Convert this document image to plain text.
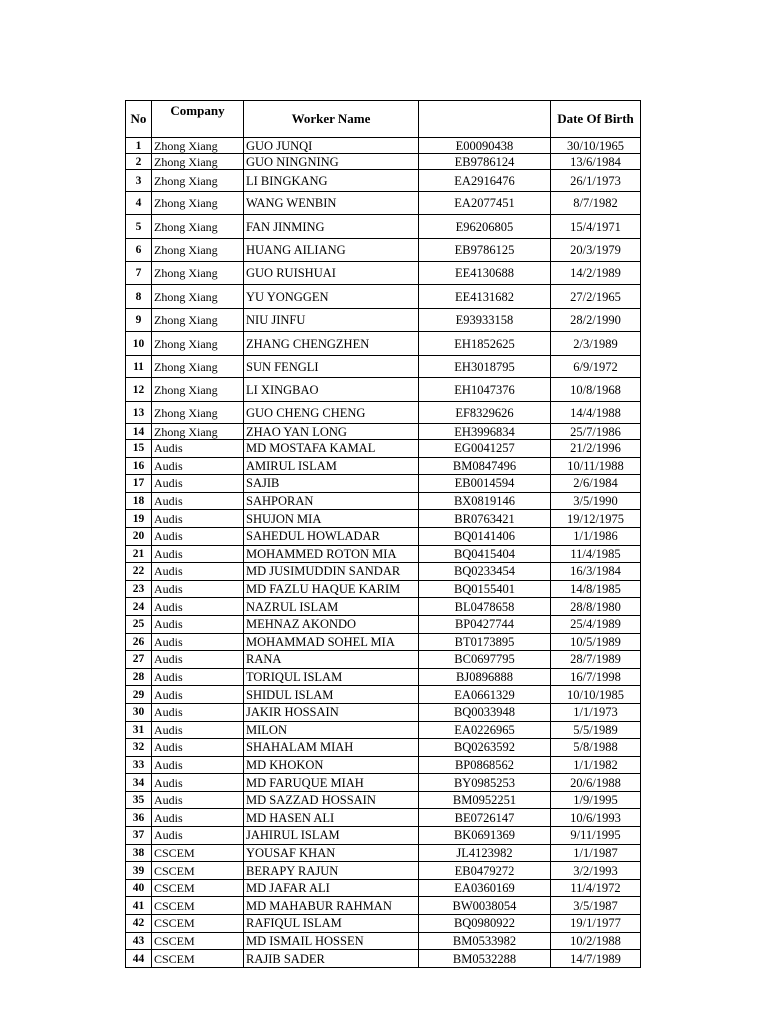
No	Company	Worker Name		Date Of Birth
1	Zhong Xiang	GUO JUNQI	E00090438	30/10/1965
2	Zhong Xiang	GUO NINGNING	EB9786124	13/6/1984
3	Zhong Xiang	LI BINGKANG	EA2916476	26/1/1973
4	Zhong Xiang	WANG WENBIN	EA2077451	8/7/1982
5	Zhong Xiang	FAN JINMING	E96206805	15/4/1971
6	Zhong Xiang	HUANG AILIANG	EB9786125	20/3/1979
7	Zhong Xiang	GUO RUISHUAI	EE4130688	14/2/1989
8	Zhong Xiang	YU YONGGEN	EE4131682	27/2/1965
9	Zhong Xiang	NIU JINFU	E93933158	28/2/1990
10	Zhong Xiang	ZHANG CHENGZHEN	EH1852625	2/3/1989
11	Zhong Xiang	SUN FENGLI	EH3018795	6/9/1972
12	Zhong Xiang	LI XINGBAO	EH1047376	10/8/1968
13	Zhong Xiang	GUO CHENG CHENG	EF8329626	14/4/1988
14	Zhong Xiang	ZHAO YAN LONG	EH3996834	25/7/1986
15	Audis	MD MOSTAFA KAMAL	EG0041257	21/2/1996
16	Audis	AMIRUL ISLAM	BM0847496	10/11/1988
17	Audis	SAJIB	EB0014594	2/6/1984
18	Audis	SAHPORAN	BX0819146	3/5/1990
19	Audis	SHUJON MIA	BR0763421	19/12/1975
20	Audis	SAHEDUL HOWLADAR	BQ0141406	1/1/1986
21	Audis	MOHAMMED ROTON MIA	BQ0415404	11/4/1985
22	Audis	MD JUSIMUDDIN SANDAR	BQ0233454	16/3/1984
23	Audis	MD FAZLU HAQUE KARIM	BQ0155401	14/8/1985
24	Audis	NAZRUL ISLAM	BL0478658	28/8/1980
25	Audis	MEHNAZ AKONDO	BP0427744	25/4/1989
26	Audis	MOHAMMAD SOHEL MIA	BT0173895	10/5/1989
27	Audis	RANA	BC0697795	28/7/1989
28	Audis	TORIQUL ISLAM	BJ0896888	16/7/1998
29	Audis	SHIDUL ISLAM	EA0661329	10/10/1985
30	Audis	JAKIR HOSSAIN	BQ0033948	1/1/1973
31	Audis	MILON	EA0226965	5/5/1989
32	Audis	SHAHALAM MIAH	BQ0263592	5/8/1988
33	Audis	MD KHOKON	BP0868562	1/1/1982
34	Audis	MD FARUQUE MIAH	BY0985253	20/6/1988
35	Audis	MD SAZZAD HOSSAIN	BM0952251	1/9/1995
36	Audis	MD HASEN ALI	BE0726147	10/6/1993
37	Audis	JAHIRUL ISLAM	BK0691369	9/11/1995
38	CSCEM	YOUSAF KHAN	JL4123982	1/1/1987
39	CSCEM	BERAPY RAJUN	EB0479272	3/2/1993
40	CSCEM	MD JAFAR ALI	EA0360169	11/4/1972
41	CSCEM	MD MAHABUR RAHMAN	BW0038054	3/5/1987
42	CSCEM	RAFIQUL ISLAM	BQ0980922	19/1/1977
43	CSCEM	MD ISMAIL HOSSEN	BM0533982	10/2/1988
44	CSCEM	RAJIB SADER	BM0532288	14/7/1989
